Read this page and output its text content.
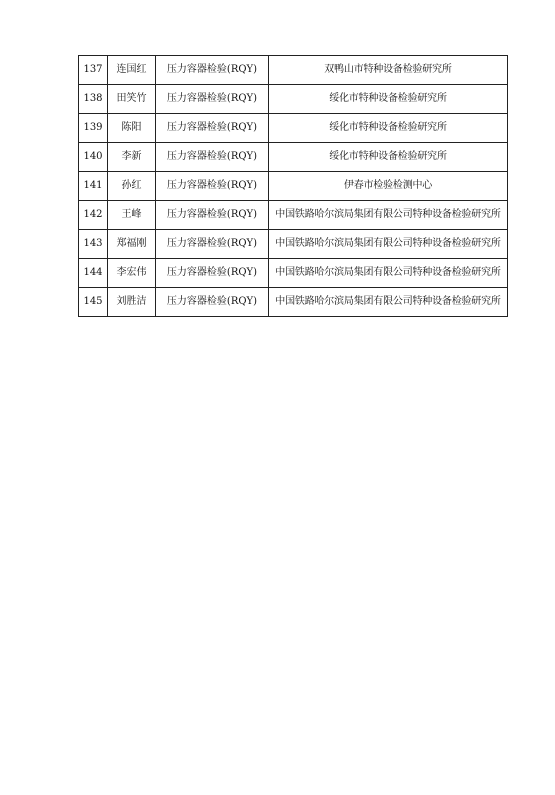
137	连国红	压力容器检验(RQY)	双鸭山市特种设备检验研究所
138	田笑竹	压力容器检验(RQY)	绥化市特种设备检验研究所
139	陈阳	压力容器检验(RQY)	绥化市特种设备检验研究所
140	李新	压力容器检验(RQY)	绥化市特种设备检验研究所
141	孙红	压力容器检验(RQY)	伊春市检验检测中心
142	王峰	压力容器检验(RQY)	中国铁路哈尔滨局集团有限公司特种设备检验研究所
143	郑福刚	压力容器检验(RQY)	中国铁路哈尔滨局集团有限公司特种设备检验研究所
144	李宏伟	压力容器检验(RQY)	中国铁路哈尔滨局集团有限公司特种设备检验研究所
145	刘胜洁	压力容器检验(RQY)	中国铁路哈尔滨局集团有限公司特种设备检验研究所
